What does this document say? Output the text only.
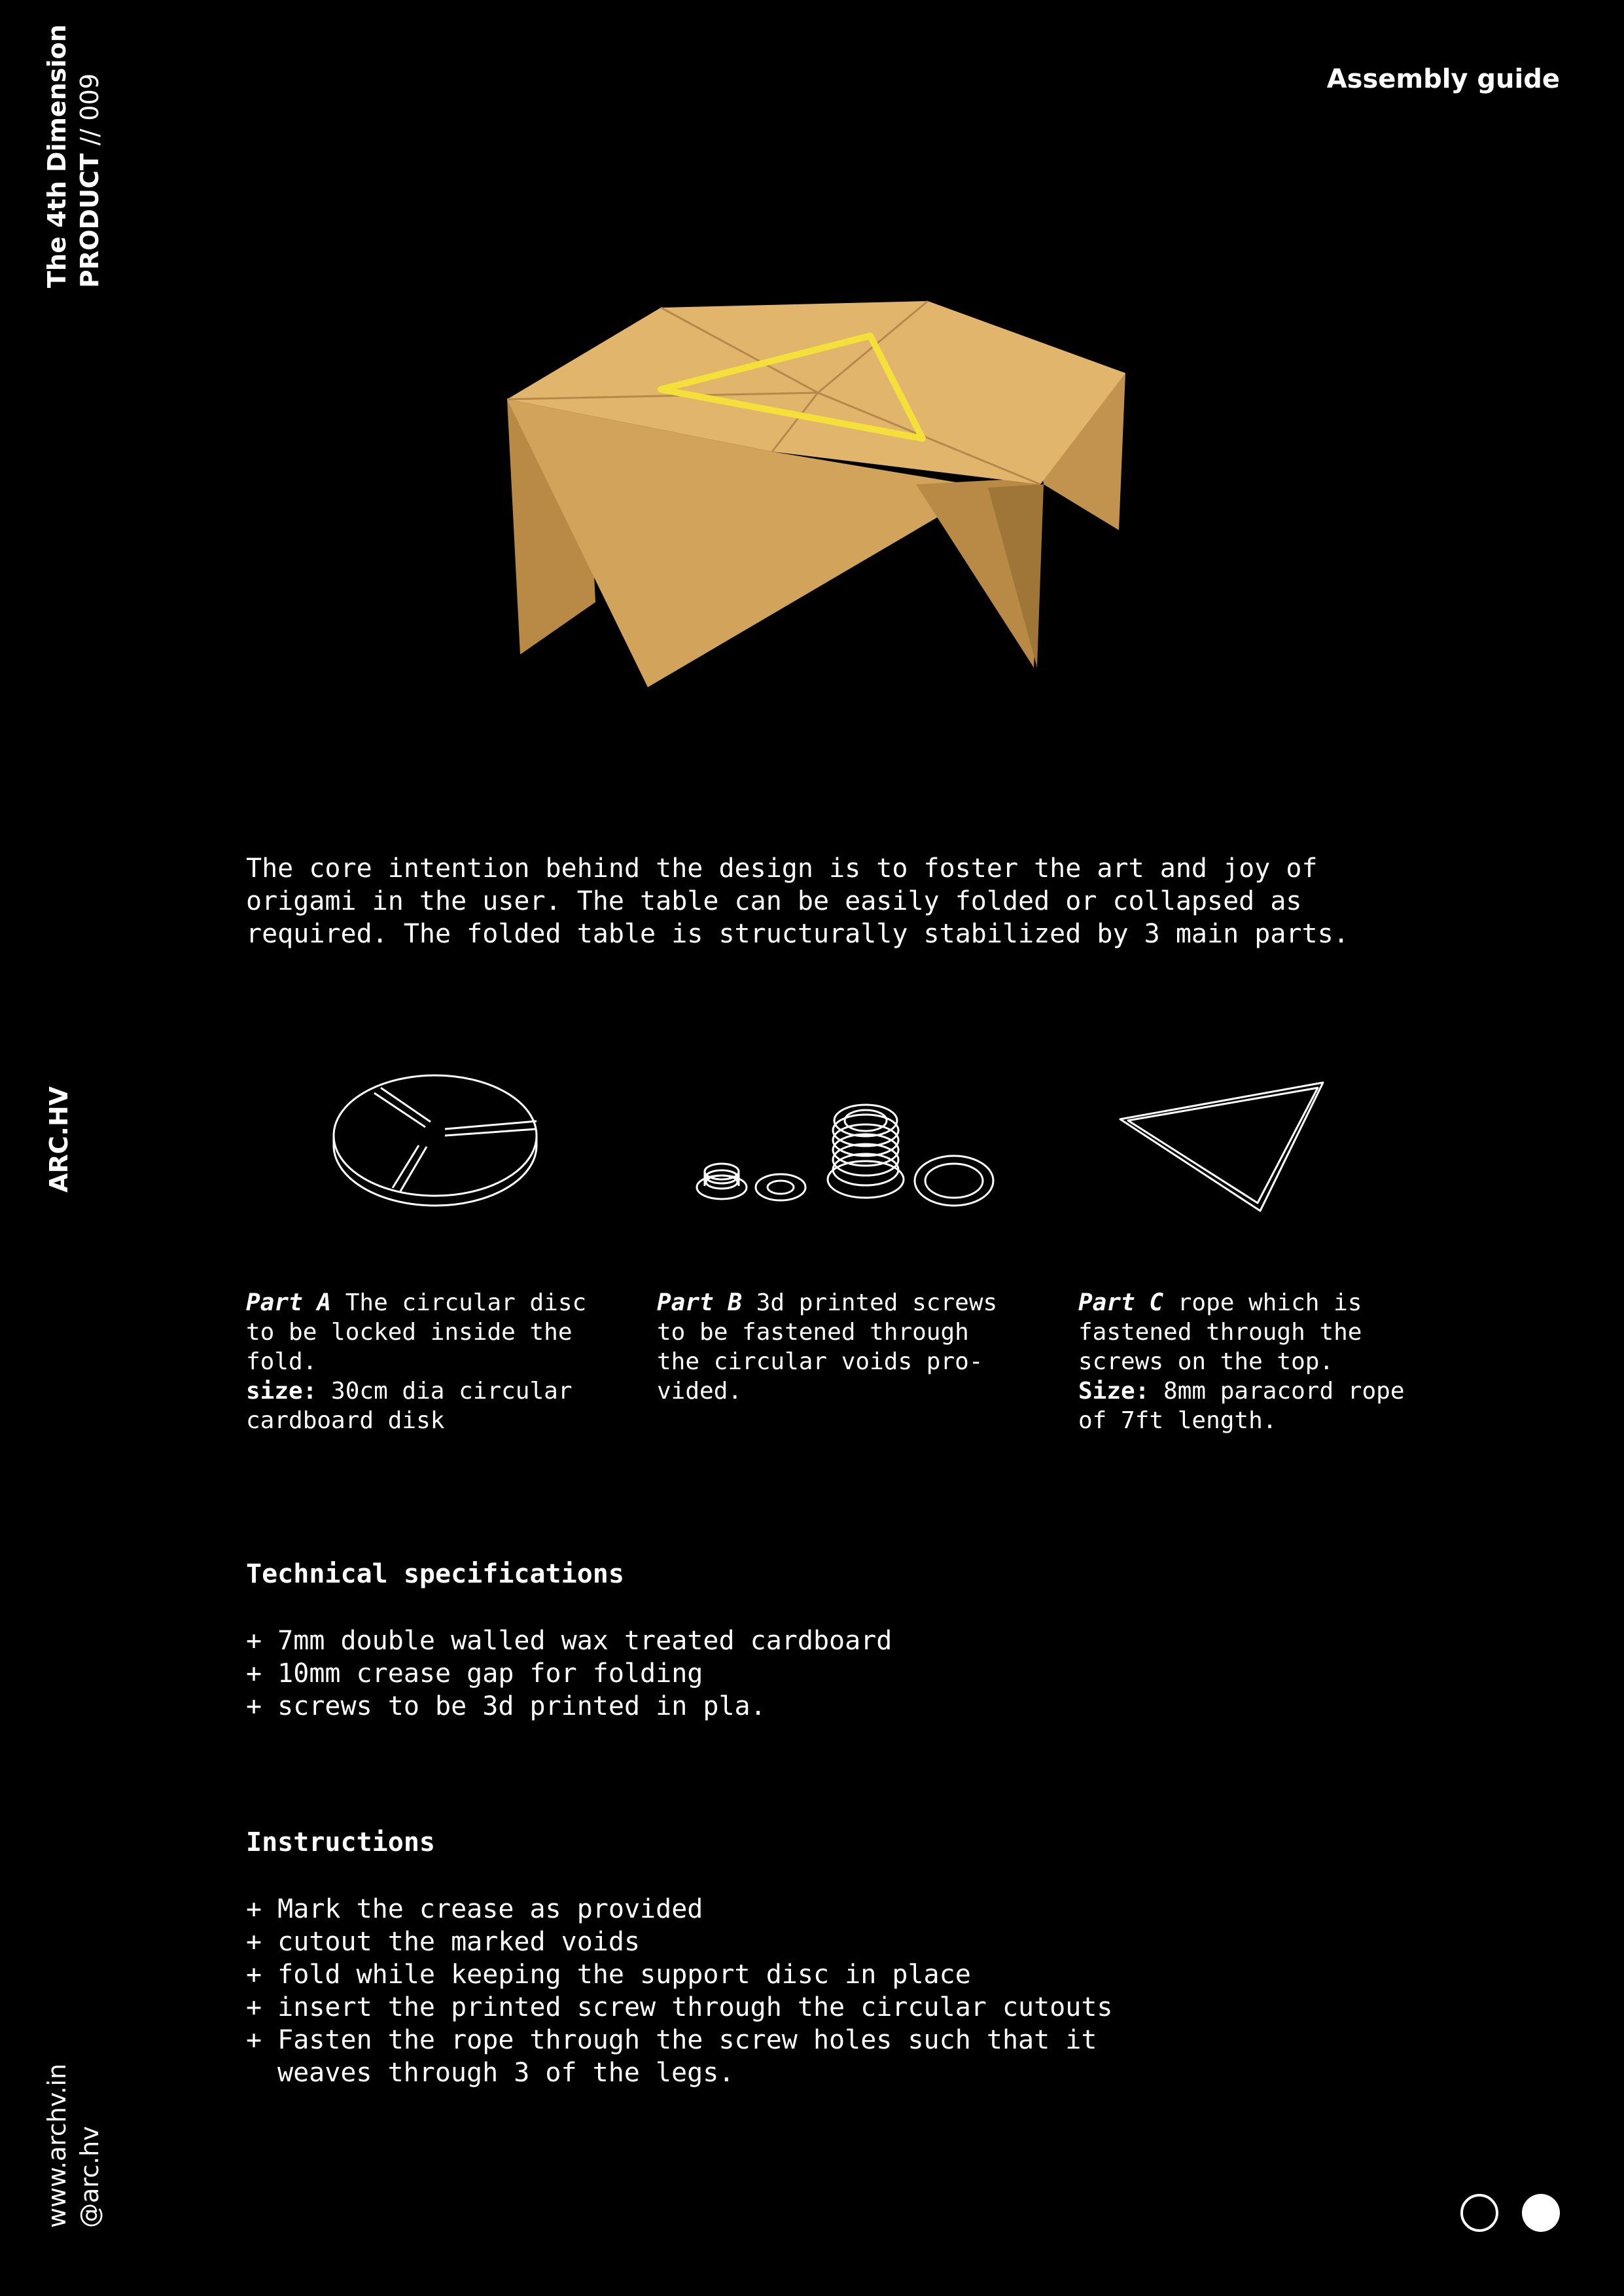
The 4th Dimension PRODUCT // 009
ARC.HV
www.archv.in @arc.hv
Assembly guide
The core intention behind the design is to foster the art and joy of
origami in the user. The table can be easily folded or collapsed as
required. The folded table is structurally stabilized by 3 main parts.
Part A The circular disc to be locked inside the fold.
size: 30cm dia circular cardboard disk
Part B 3d printed screws to be fastened through the circular voids pro-vided.
Part C rope which is fastened through the screws on the top.
Size: 8mm paracord rope of 7ft length.
Technical specifications
+ 7mm double walled wax treated cardboard
+ 10mm crease gap for folding
+ screws to be 3d printed in pla.
Instructions
+ Mark the crease as provided
+ cutout the marked voids
+ fold while keeping the support disc in place
+ insert the printed screw through the circular cutouts
+ Fasten the rope through the screw holes such that it weaves through 3 of the legs.
